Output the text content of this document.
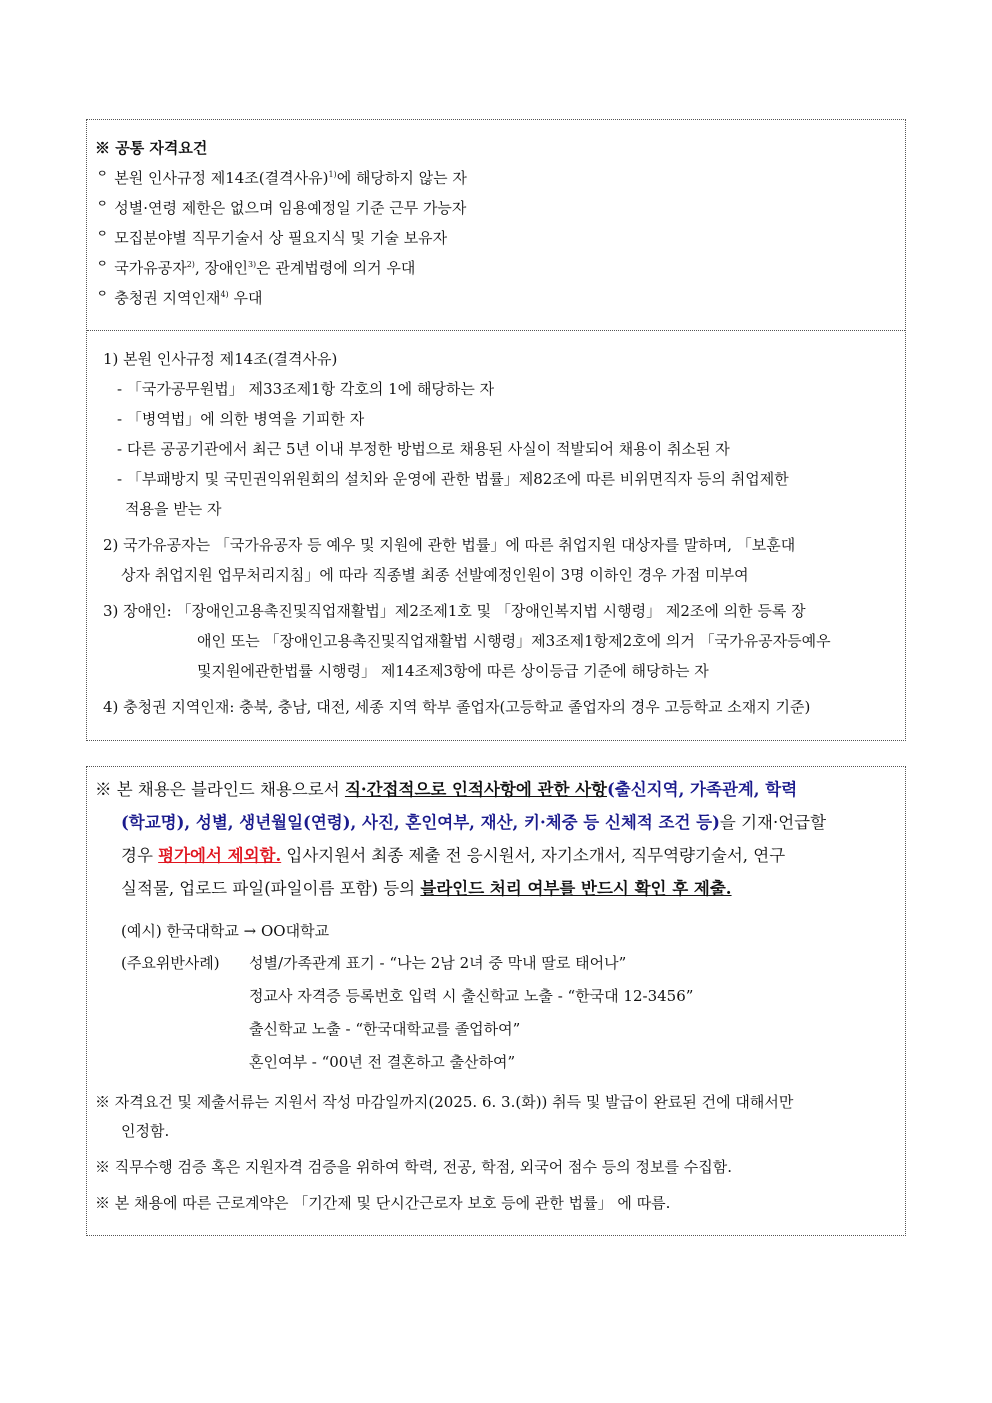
※ 공통 자격요건
ᄋ 본원 인사규정 제14조(결격사유)$^{1)}$에 해당하지 않는 자
ᄋ 성별·연령 제한은 없으며 임용예정일 기준 근무 가능자
ᄋ 모집분야별 직무기술서 상 필요지식 및 기술 보유자
ᄋ 국가유공자$^{2)}$, 장애인$^{3)}$은 관계법령에 의거 우대
ᄋ 충청권 지역인재$^{4)}$ 우대
1) 본원 인사규정 제14조(결격사유)
- 「국가공무원법」 제33조제1항 각호의 1에 해당하는 자
- 「병역법」에 의한 병역을 기피한 자
- 다른 공공기관에서 최근 5년 이내 부정한 방법으로 채용된 사실이 적발되어 채용이 취소된 자
- 「부패방지 및 국민권익위원회의 설치와 운영에 관한 법률」제82조에 따른 비위면직자 등의 취업제한
적용을 받는 자
2) 국가유공자는 「국가유공자 등 예우 및 지원에 관한 법률」에 따른 취업지원 대상자를 말하며, 「보훈대
상자 취업지원 업무처리지침」에 따라 직종별 최종 선발예정인원이 3명 이하인 경우 가점 미부여
3) 장애인: 「장애인고용촉진및직업재활법」제2조제1호 및 「장애인복지법 시행령」 제2조에 의한 등록 장
애인 또는 「장애인고용촉진및직업재활법 시행령」제3조제1항제2호에 의거 「국가유공자등예우
및지원에관한법률 시행령」 제14조제3항에 따른 상이등급 기준에 해당하는 자
4) 충청권 지역인재: 충북, 충남, 대전, 세종 지역 학부 졸업자(고등학교 졸업자의 경우 고등학교 소재지 기준)
※ 본 채용은 블라인드 채용으로서 직·간접적으로 인적사항에 관한 사항(출신지역, 가족관계, 학력
(학교명), 성별, 생년월일(연령), 사진, 혼인여부, 재산, 키·체중 등 신체적 조건 등)을 기재·언급할
경우 평가에서 제외함. 입사지원서 최종 제출 전 응시원서, 자기소개서, 직무역량기술서, 연구
실적물, 업로드 파일(파일이름 포함) 등의 블라인드 처리 여부를 반드시 확인 후 제출.
(예시) 한국대학교 → OO대학교
(주요위반사례) 성별/가족관계 표기 - “나는 2남 2녀 중 막내 딸로 태어나”
정교사 자격증 등록번호 입력 시 출신학교 노출 - “한국대 12-3456”
출신학교 노출 - “한국대학교를 졸업하여”
혼인여부 - “00년 전 결혼하고 출산하여”
※ 자격요건 및 제출서류는 지원서 작성 마감일까지(2025. 6. 3.(화)) 취득 및 발급이 완료된 건에 대해서만
인정함.
※ 직무수행 검증 혹은 지원자격 검증을 위하여 학력, 전공, 학점, 외국어 점수 등의 정보를 수집함.
※ 본 채용에 따른 근로계약은 「기간제 및 단시간근로자 보호 등에 관한 법률」 에 따름.
